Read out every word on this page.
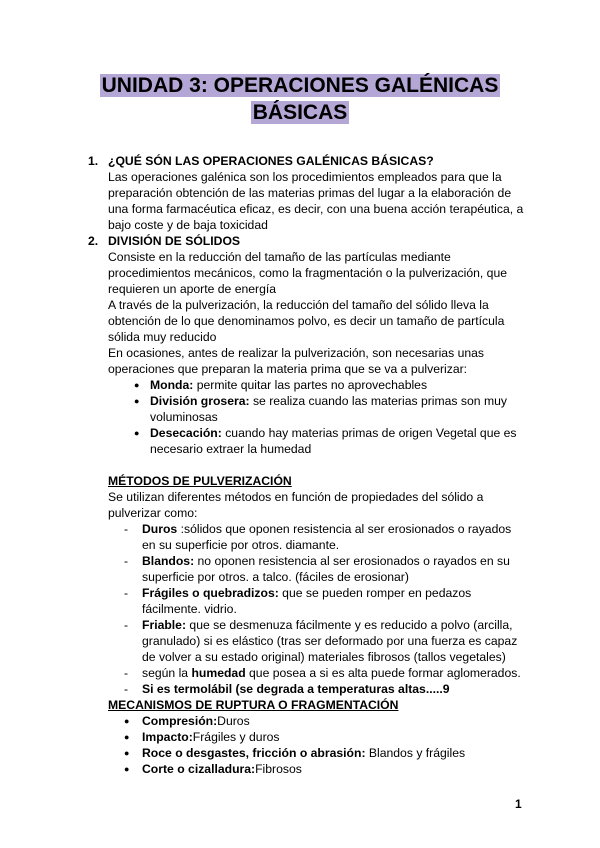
UNIDAD 3: OPERACIONES GALÉNICAS
BÁSICAS

1. ¿QUÉ SÓN LAS OPERACIONES GALÉNICAS BÁSICAS?

Las operaciones galénica son los procedimientos empleados para que la preparación obtención de las materias primas del lugar a la elaboración de una forma farmacéutica eficaz, es decir, con una buena acción terapéutica, a bajo coste y de baja toxicidad

2. DIVISIÓN DE SÓLIDOS

Consiste en la reducción del tamaño de las partículas mediante procedimientos mecánicos, como la fragmentación o la pulverización, que requieren un aporte de energía

A través de la pulverización, la reducción del tamaño del sólido lleva la obtención de lo que denominamos polvo, es decir un tamaño de partícula sólida muy reducido

En ocasiones, antes de realizar la pulverización, son necesarias unas operaciones que preparan la materia prima que se va a pulverizar:

● Monda: permite quitar las partes no aprovechables
● División grosera: se realiza cuando las materias primas son muy voluminosas
● Desecación: cuando hay materias primas de origen Vegetal que es necesario extraer la humedad

MÉTODOS DE PULVERIZACIÓN

Se utilizan diferentes métodos en función de propiedades del sólido a pulverizar como:

- Duros :sólidos que oponen resistencia al ser erosionados o rayados en su superficie por otros. diamante.
- Blandos: no oponen resistencia al ser erosionados o rayados en su superficie por otros. a talco. (fáciles de erosionar)
- Frágiles o quebradizos: que se pueden romper en pedazos fácilmente. vidrio.
- Friable: que se desmenuza fácilmente y es reducido a polvo (arcilla, granulado) si es elástico (tras ser deformado por una fuerza es capaz de volver a su estado original) materiales fibrosos (tallos vegetales)
- según la humedad que posea a si es alta puede formar aglomerados.
- Si es termolábil (se degrada a temperaturas altas.....9

MECANISMOS DE RUPTURA O FRAGMENTACIÓN

● Compresión:Duros
● Impacto:Frágiles y duros
● Roce o desgastes, fricción o abrasión: Blandos y frágiles
● Corte o cizalladura:Fibrosos
1
